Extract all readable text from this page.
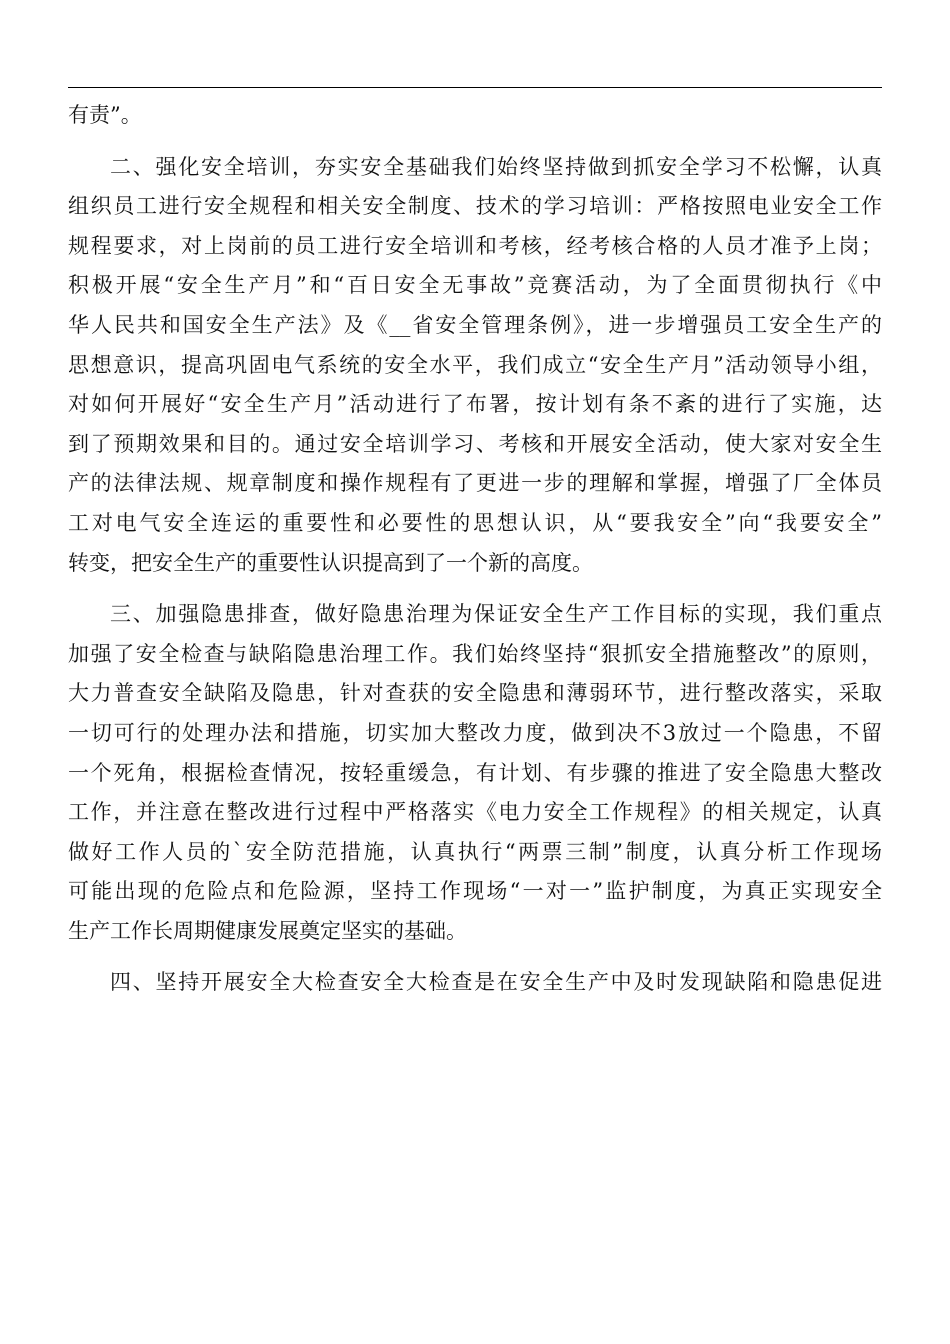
有责”。
二、强化安全培训，夯实安全基础我们始终坚持做到抓安全学习不松懈，认真
组织员工进行安全规程和相关安全制度、技术的学习培训：严格按照电业安全工作
规程要求，对上岗前的员工进行安全培训和考核，经考核合格的人员才准予上岗；
积极开展“安全生产月”和“百日安全无事故”竞赛活动，为了全面贯彻执行《中
华人民共和国安全生产法》及《__省安全管理条例》，进一步增强员工安全生产的
思想意识，提高巩固电气系统的安全水平，我们成立“安全生产月”活动领导小组，
对如何开展好“安全生产月”活动进行了布署，按计划有条不紊的进行了实施，达
到了预期效果和目的。通过安全培训学习、考核和开展安全活动，使大家对安全生
产的法律法规、规章制度和操作规程有了更进一步的理解和掌握，增强了厂全体员
工对电气安全连运的重要性和必要性的思想认识，从“要我安全”向“我要安全”
转变，把安全生产的重要性认识提高到了一个新的高度。
三、加强隐患排查，做好隐患治理为保证安全生产工作目标的实现，我们重点
加强了安全检查与缺陷隐患治理工作。我们始终坚持“狠抓安全措施整改”的原则，
大力普查安全缺陷及隐患，针对查获的安全隐患和薄弱环节，进行整改落实，采取
一切可行的处理办法和措施，切实加大整改力度，做到决不3放过一个隐患，不留
一个死角，根据检查情况，按轻重缓急，有计划、有步骤的推进了安全隐患大整改
工作，并注意在整改进行过程中严格落实《电力安全工作规程》的相关规定，认真
做好工作人员的`安全防范措施，认真执行“两票三制”制度，认真分析工作现场
可能出现的危险点和危险源，坚持工作现场“一对一”监护制度，为真正实现安全
生产工作长周期健康发展奠定坚实的基础。
四、坚持开展安全大检查安全大检查是在安全生产中及时发现缺陷和隐患促进
